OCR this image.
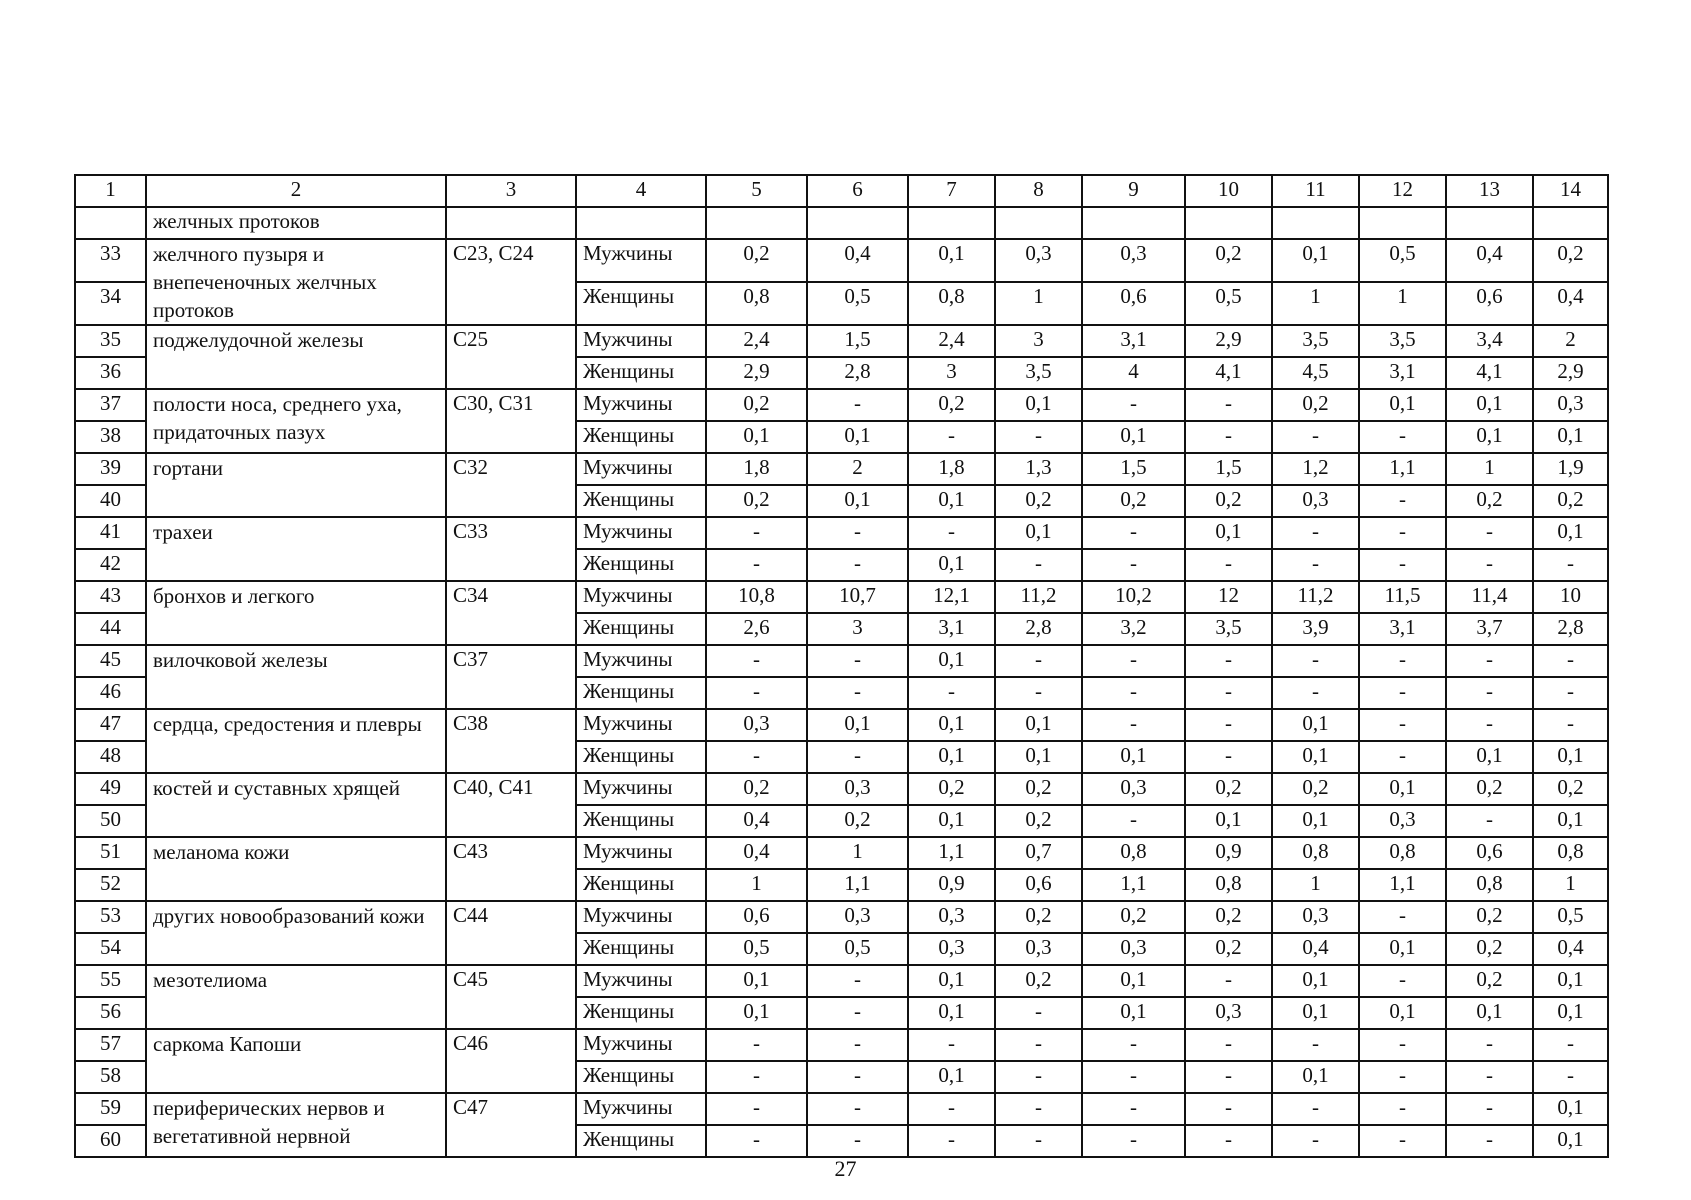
1	2	3	4	5	6	7	8	9	10	11	12	13	14
	желчных протоков												
33	желчного пузыря и внепеченочных желчных протоков	C23, C24	Мужчины	0,2	0,4	0,1	0,3	0,3	0,2	0,1	0,5	0,4	0,2
34			Женщины	0,8	0,5	0,8	1	0,6	0,5	1	1	0,6	0,4
35	поджелудочной железы	C25	Мужчины	2,4	1,5	2,4	3	3,1	2,9	3,5	3,5	3,4	2
36			Женщины	2,9	2,8	3	3,5	4	4,1	4,5	3,1	4,1	2,9
37	полости носа, среднего уха, придаточных пазух	C30, C31	Мужчины	0,2	-	0,2	0,1	-	-	0,2	0,1	0,1	0,3
38			Женщины	0,1	0,1	-	-	0,1	-	-	-	0,1	0,1
39	гортани	C32	Мужчины	1,8	2	1,8	1,3	1,5	1,5	1,2	1,1	1	1,9
40			Женщины	0,2	0,1	0,1	0,2	0,2	0,2	0,3	-	0,2	0,2
41	трахеи	C33	Мужчины	-	-	-	0,1	-	0,1	-	-	-	0,1
42			Женщины	-	-	0,1	-	-	-	-	-	-	-
43	бронхов и легкого	C34	Мужчины	10,8	10,7	12,1	11,2	10,2	12	11,2	11,5	11,4	10
44			Женщины	2,6	3	3,1	2,8	3,2	3,5	3,9	3,1	3,7	2,8
45	вилочковой железы	C37	Мужчины	-	-	0,1	-	-	-	-	-	-	-
46			Женщины	-	-	-	-	-	-	-	-	-	-
47	сердца, средостения и плевры	C38	Мужчины	0,3	0,1	0,1	0,1	-	-	0,1	-	-	-
48			Женщины	-	-	0,1	0,1	0,1	-	0,1	-	0,1	0,1
49	костей и суставных хрящей	C40, C41	Мужчины	0,2	0,3	0,2	0,2	0,3	0,2	0,2	0,1	0,2	0,2
50			Женщины	0,4	0,2	0,1	0,2	-	0,1	0,1	0,3	-	0,1
51	меланома кожи	C43	Мужчины	0,4	1	1,1	0,7	0,8	0,9	0,8	0,8	0,6	0,8
52			Женщины	1	1,1	0,9	0,6	1,1	0,8	1	1,1	0,8	1
53	других новообразований кожи	C44	Мужчины	0,6	0,3	0,3	0,2	0,2	0,2	0,3	-	0,2	0,5
54			Женщины	0,5	0,5	0,3	0,3	0,3	0,2	0,4	0,1	0,2	0,4
55	мезотелиома	C45	Мужчины	0,1	-	0,1	0,2	0,1	-	0,1	-	0,2	0,1
56			Женщины	0,1	-	0,1	-	0,1	0,3	0,1	0,1	0,1	0,1
57	саркома Капоши	C46	Мужчины	-	-	-	-	-	-	-	-	-	-
58			Женщины	-	-	0,1	-	-	-	0,1	-	-	-
59	периферических нервов и вегетативной нервной	C47	Мужчины	-	-	-	-	-	-	-	-	-	0,1
60			Женщины	-	-	-	-	-	-	-	-	-	0,1
27
